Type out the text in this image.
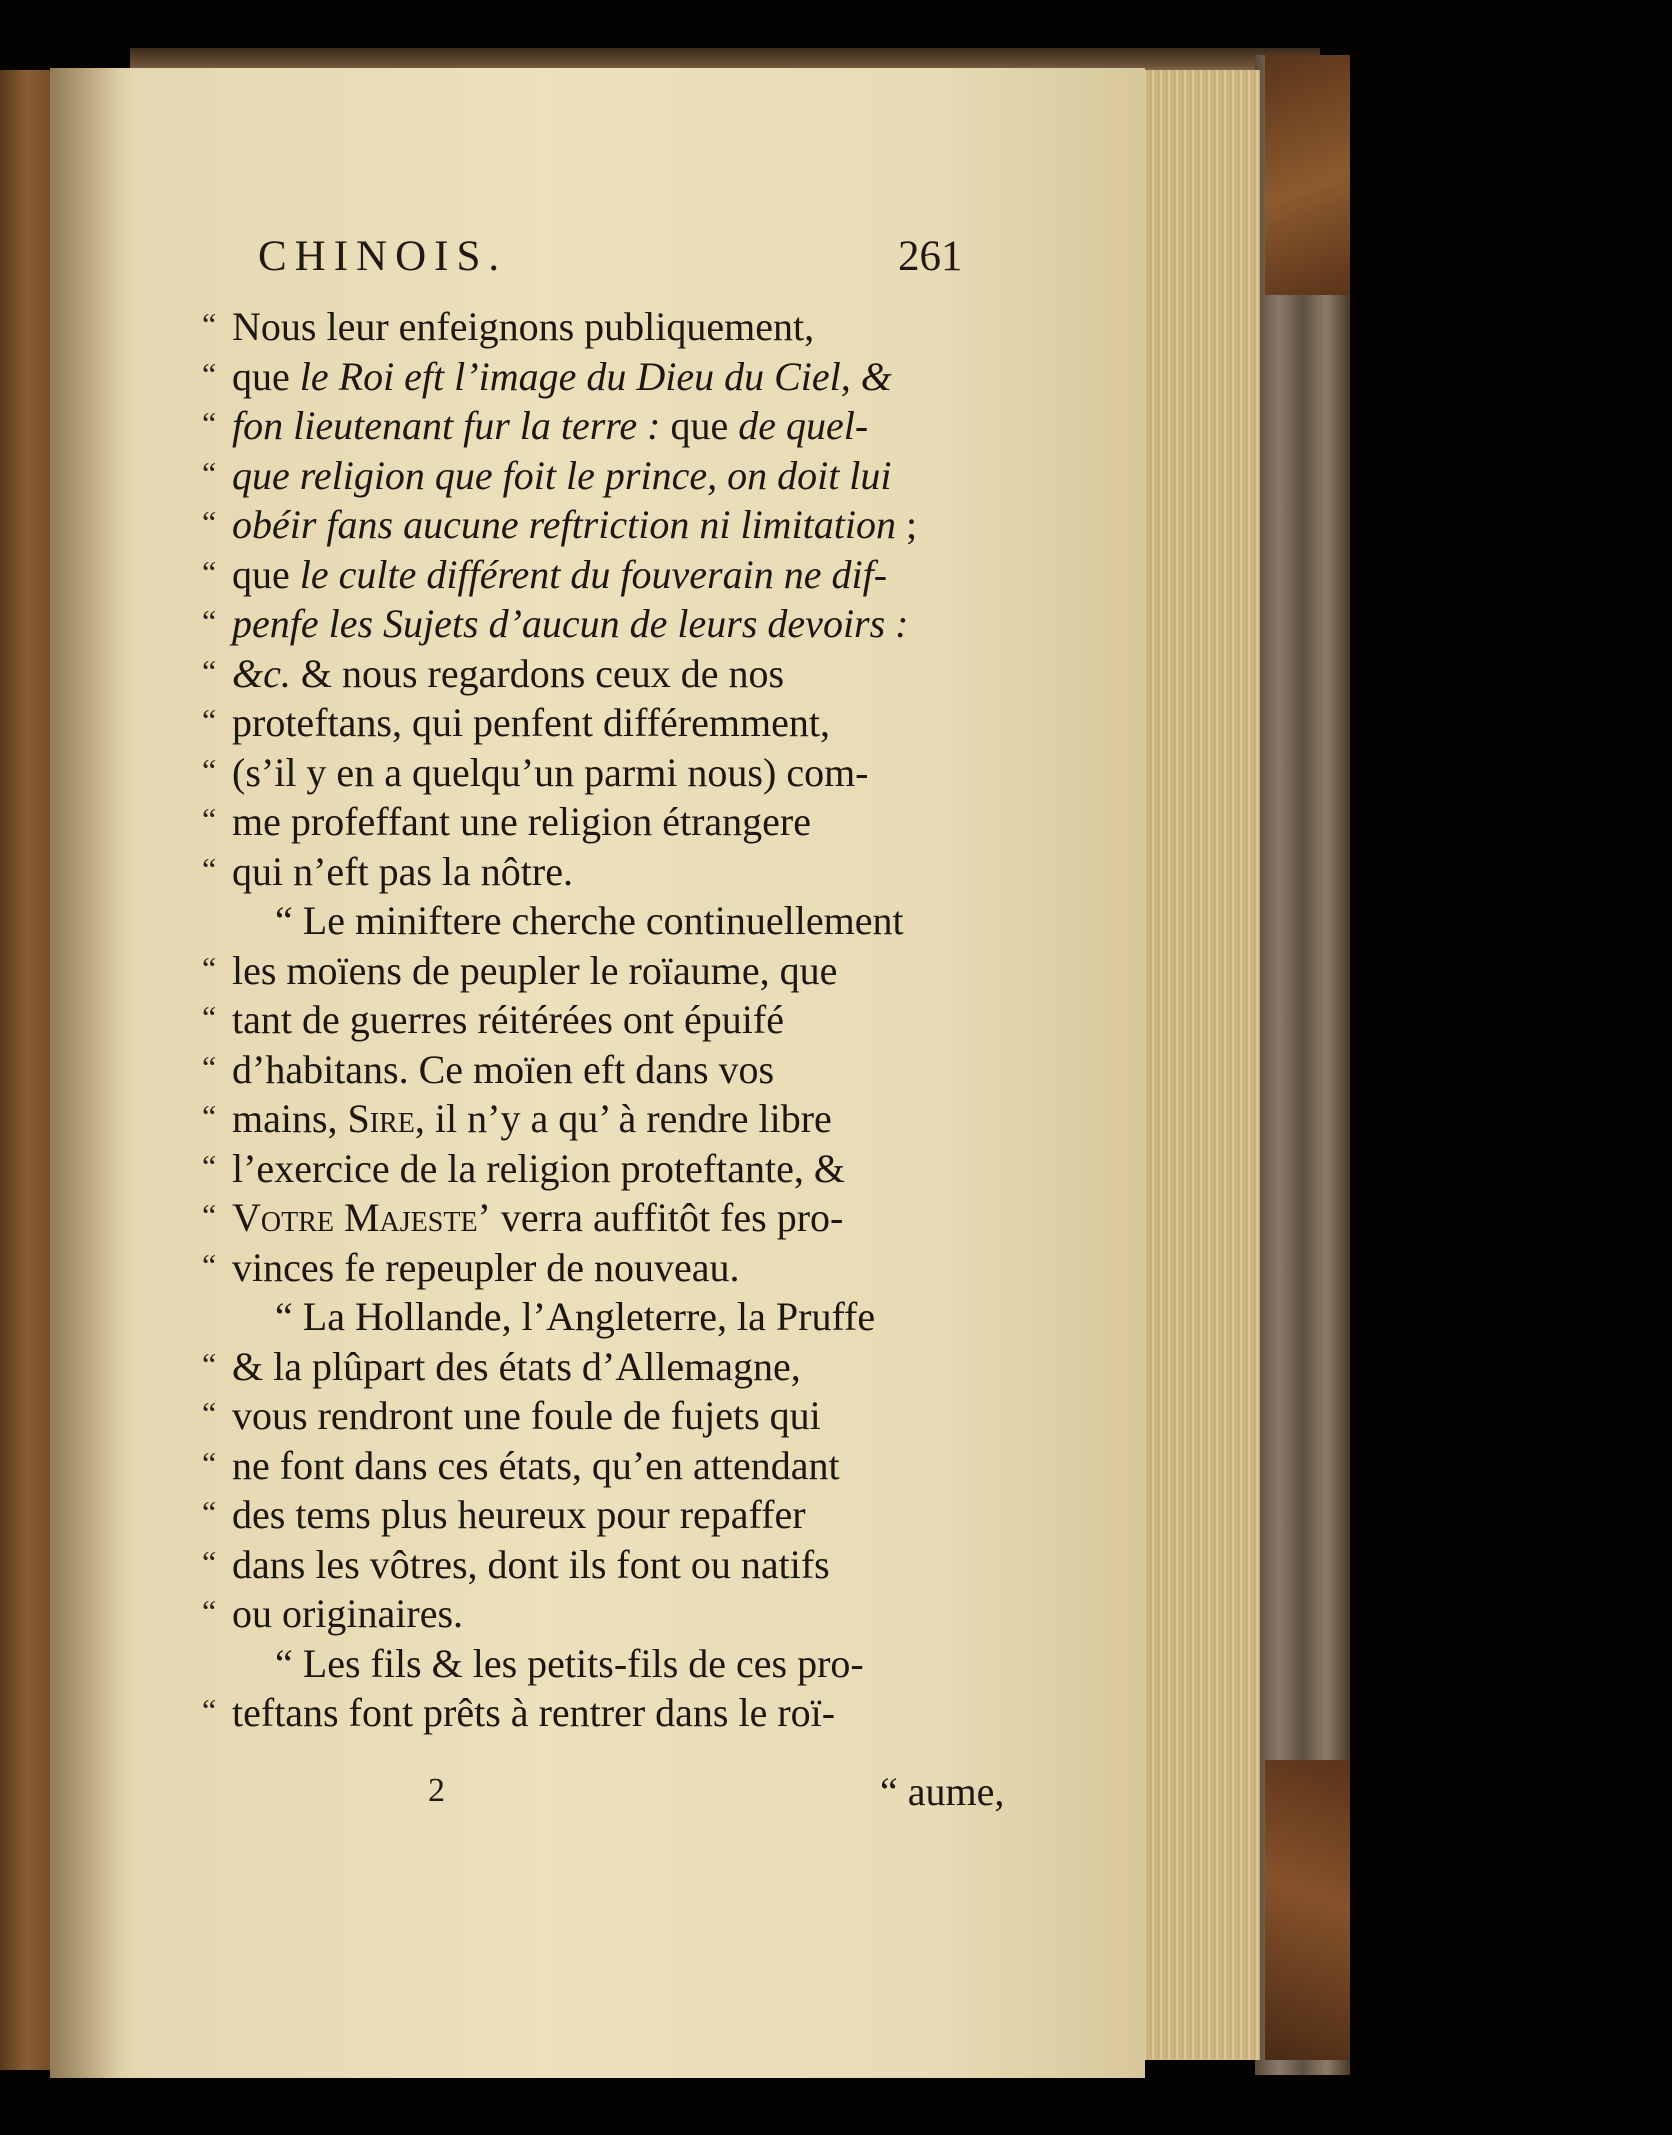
CHINOIS.	261
“ Nous leur enfeignons publiquement,
“ que le Roi eft l’image du Dieu du Ciel, &
“ fon lieutenant fur la terre : que de quel-
“ que religion que foit le prince, on doit lui
“ obéir fans aucune reftriction ni limitation ;
“ que le culte différent du fouverain ne dif-
“ penfe les Sujets d’aucun de leurs devoirs :
“ &c. & nous regardons ceux de nos
“ proteftans, qui penfent différemment,
“ (s’il y en a quelqu’un parmi nous) com-
“ me profeffant une religion étrangere
“ qui n’eft pas la nôtre.
“ Le miniftere cherche continuellement
“ les moïens de peupler le roïaume, que
“ tant de guerres réitérées ont épuifé
“ d’habitans. Ce moïen eft dans vos
“ mains, Sire, il n’y a qu’ à rendre libre
“ l’exercice de la religion proteftante, &
“ Votre Majeste’ verra auffitôt fes pro-
“ vinces fe repeupler de nouveau.
“ La Hollande, l’Angleterre, la Pruffe
“ & la plûpart des états d’Allemagne,
“ vous rendront une foule de fujets qui
“ ne font dans ces états, qu’en attendant
“ des tems plus heureux pour repaffer
“ dans les vôtres, dont ils font ou natifs
“ ou originaires.
“ Les fils & les petits-fils de ces pro-
“ teftans font prêts à rentrer dans le roï-
2	“ aume,
